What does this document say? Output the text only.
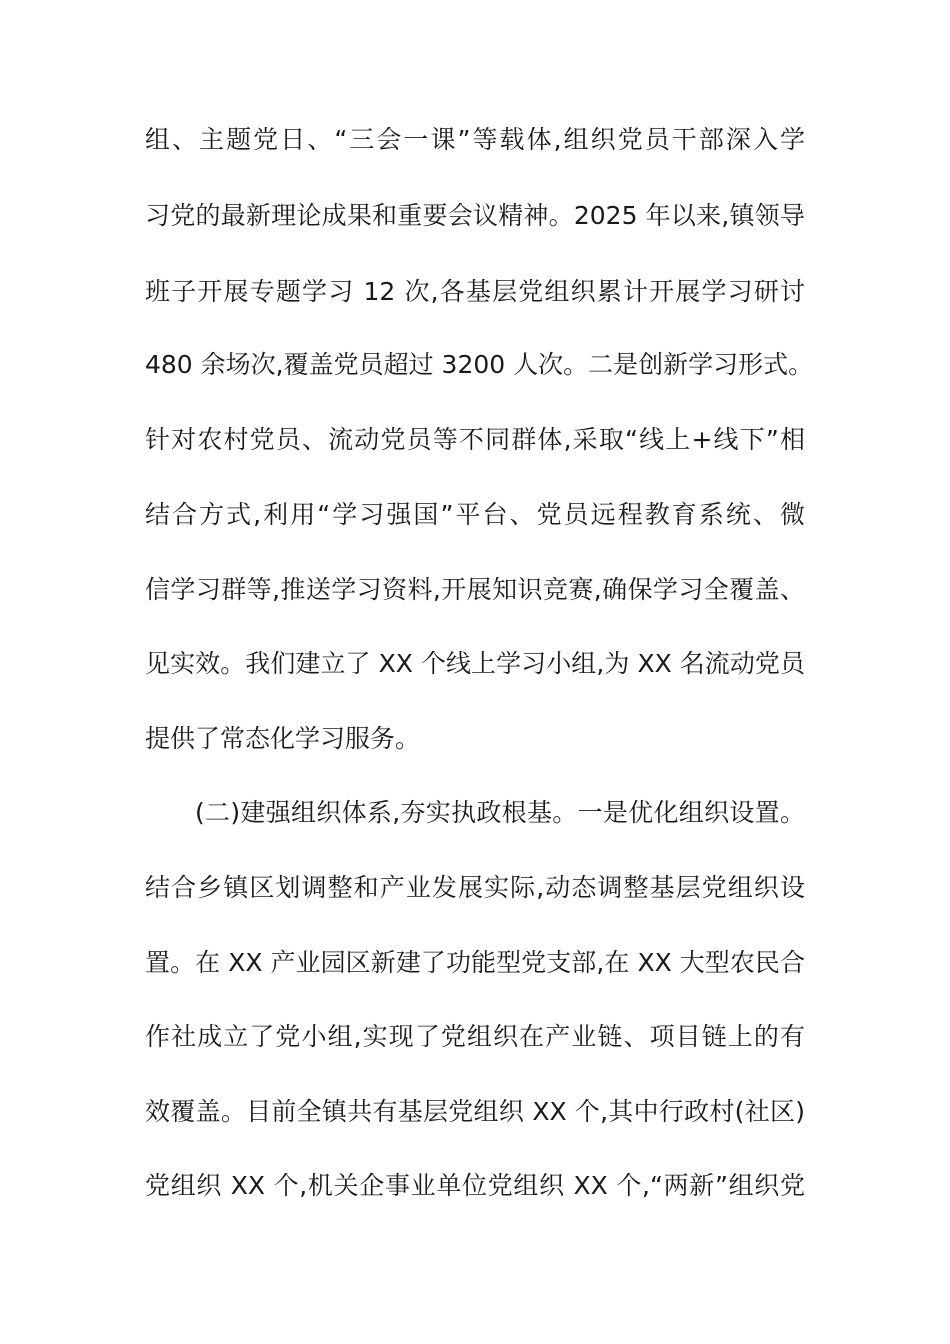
组、主题党日、“三会一课”等载体,组织党员干部深入学
习党的最新理论成果和重要会议精神。2025 年以来,镇领导
班子开展专题学习 12 次,各基层党组织累计开展学习研讨
480 余场次,覆盖党员超过 3200 人次。二是创新学习形式。
针对农村党员、流动党员等不同群体,采取“线上+线下”相
结合方式,利用“学习强国”平台、党员远程教育系统、微
信学习群等,推送学习资料,开展知识竞赛,确保学习全覆盖、
见实效。我们建立了 XX 个线上学习小组,为 XX 名流动党员
提供了常态化学习服务。
(二)建强组织体系,夯实执政根基。一是优化组织设置。
结合乡镇区划调整和产业发展实际,动态调整基层党组织设
置。在 XX 产业园区新建了功能型党支部,在 XX 大型农民合
作社成立了党小组,实现了党组织在产业链、项目链上的有
效覆盖。目前全镇共有基层党组织 XX 个,其中行政村(社区)
党组织 XX 个,机关企事业单位党组织 XX 个,“两新”组织党
